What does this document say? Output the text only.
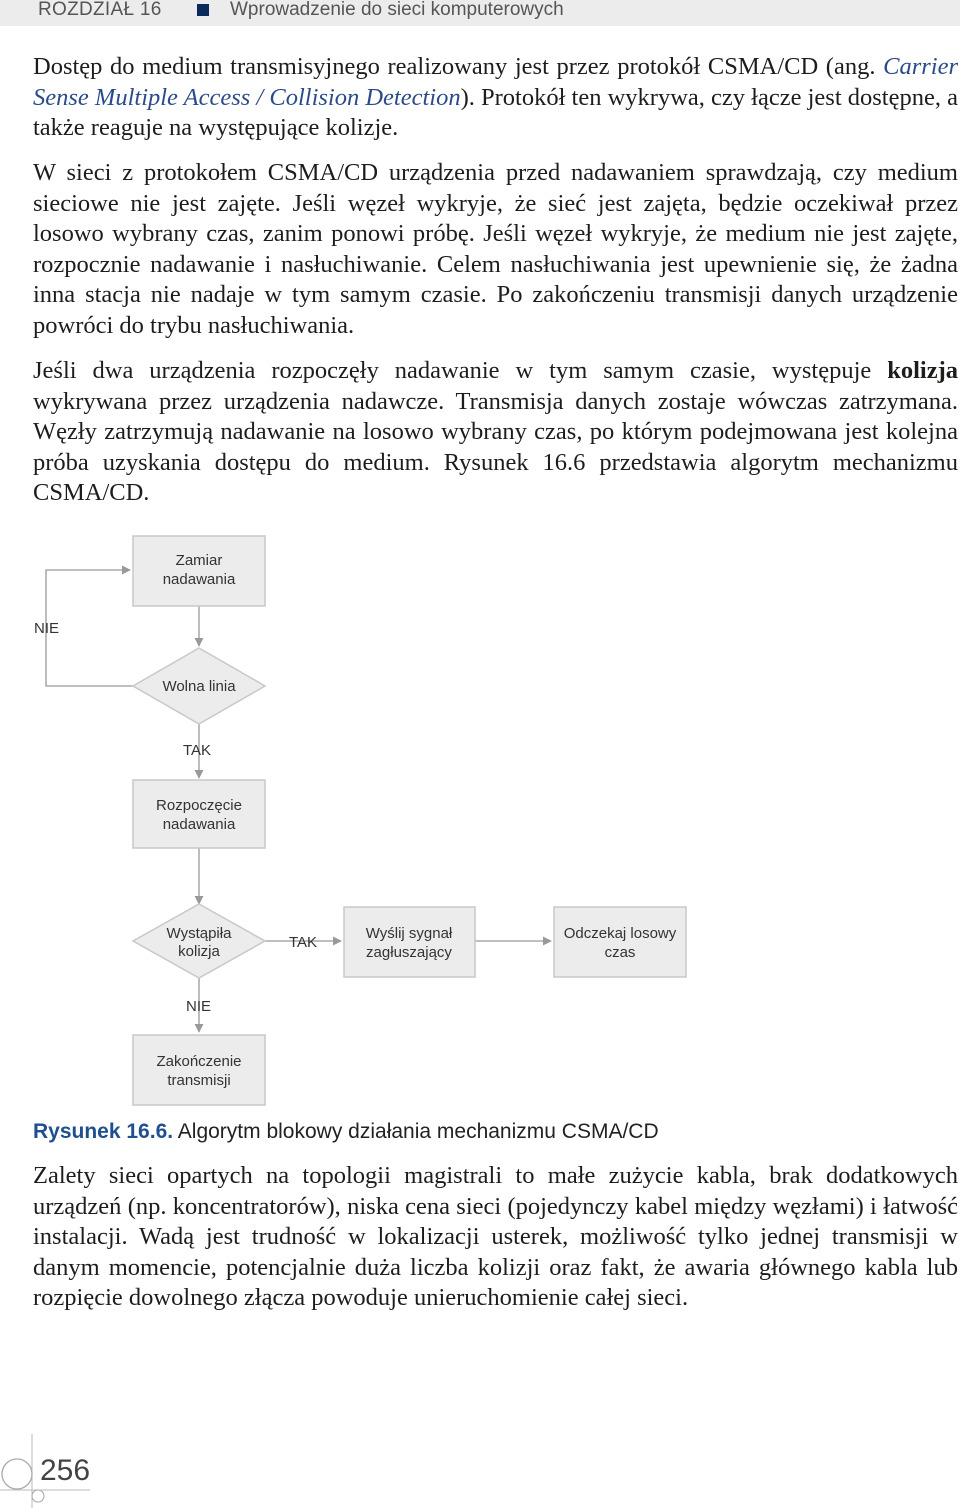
ROZDZIAŁ 16	Wprowadzenie do sieci komputerowych

Dostęp do medium transmisyjnego realizowany jest przez protokół CSMA/CD (ang. Carrier Sense Multiple Access / Collision Detection). Protokół ten wykrywa, czy łącze jest dostępne, a także reaguje na występujące kolizje.

W sieci z protokołem CSMA/CD urządzenia przed nadawaniem sprawdzają, czy medium sieciowe nie jest zajęte. Jeśli węzeł wykryje, że sieć jest zajęta, będzie oczekiwał przez losowo wybrany czas, zanim ponowi próbę. Jeśli węzeł wykryje, że medium nie jest zajęte, rozpocznie nadawanie i nasłuchiwanie. Celem nasłuchiwania jest upewnienie się, że żadna inna stacja nie nadaje w tym samym czasie. Po zakończeniu transmisji danych urządzenie powróci do trybu nasłuchiwania.

Jeśli dwa urządzenia rozpoczęły nadawanie w tym samym czasie, występuje kolizja wykrywana przez urządzenia nadawcze. Transmisja danych zostaje wówczas zatrzymana. Węzły zatrzymują nadawanie na losowo wybrany czas, po którym podejmowana jest kolejna próba uzyskania dostępu do medium. Rysunek 16.6 przedstawia algorytm mechanizmu CSMA/CD.

Zamiar
nadawania
Wolna linia
Rozpoczęcie
nadawania
Wystąpiła
kolizja
Wyślij sygnał
zagłuszający
Odczekaj losowy
czas
Zakończenie
transmisji
NIE
TAK
TAK
NIE
Rysunek 16.6. Algorytm blokowy działania mechanizmu CSMA/CD

Zalety sieci opartych na topologii magistrali to małe zużycie kabla, brak dodatkowych urządzeń (np. koncentratorów), niska cena sieci (pojedynczy kabel między węzłami) i łatwość instalacji. Wadą jest trudność w lokalizacji usterek, możliwość tylko jednej transmisji w danym momencie, potencjalnie duża liczba kolizji oraz fakt, że awaria głównego kabla lub rozpięcie dowolnego złącza powoduje unieruchomienie całej sieci.

256
